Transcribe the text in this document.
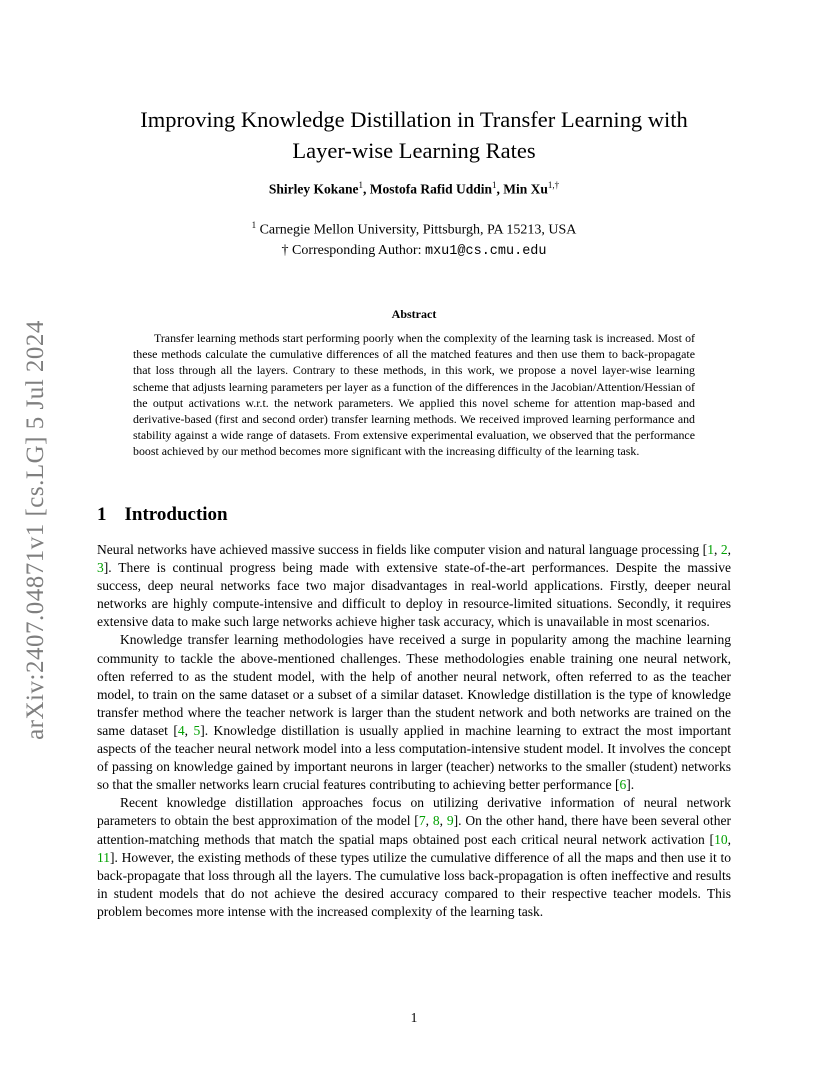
arXiv:2407.04871v1 [cs.LG] 5 Jul 2024
Improving Knowledge Distillation in Transfer Learning with
Layer-wise Learning Rates
Shirley Kokane$^1$, Mostofa Rafid Uddin$^1$, Min $Xu^{1,\dagger}$
$^1$ Carnegie Mellon University, Pittsburgh, PA 15213, USA
† Corresponding Author: mxu1@cs.cmu.edu
Abstract
Transfer learning methods start performing poorly when the complexity of the learning task is increased. Most of these methods calculate the cumulative differences of all the matched features and then use them to back-propagate that loss through all the layers. Contrary to these methods, in this work, we propose a novel layer-wise learning scheme that adjusts learning parameters per layer as a function of the differences in the Jacobian/Attention/Hessian of the output activations w.r.t. the network parameters. We applied this novel scheme for attention map-based and derivative-based (first and second order) transfer learning methods. We received improved learning performance and stability against a wide range of datasets. From extensive experimental evaluation, we observed that the performance boost achieved by our method becomes more significant with the increasing difficulty of the learning task.
1 Introduction

Neural networks have achieved massive success in fields like computer vision and natural language processing [1, 2, 3]. There is continual progress being made with extensive state-of-the-art performances. Despite the massive success, deep neural networks face two major disadvantages in real-world applications. Firstly, deeper neural networks are highly compute-intensive and difficult to deploy in resource-limited situations. Secondly, it requires extensive data to make such large networks achieve higher task accuracy, which is unavailable in most scenarios.

Knowledge transfer learning methodologies have received a surge in popularity among the machine learning community to tackle the above-mentioned challenges. These methodologies enable training one neural network, often referred to as the student model, with the help of another neural network, often referred to as the teacher model, to train on the same dataset or a subset of a similar dataset. Knowledge distillation is the type of knowledge transfer method where the teacher network is larger than the student network and both networks are trained on the same dataset [4, 5]. Knowledge distillation is usually applied in machine learning to extract the most important aspects of the teacher neural network model into a less computation-intensive student model. It involves the concept of passing on knowledge gained by important neurons in larger (teacher) networks to the smaller (student) networks so that the smaller networks learn crucial features contributing to achieving better performance [6].

Recent knowledge distillation approaches focus on utilizing derivative information of neural network parameters to obtain the best approximation of the model [7, 8, 9]. On the other hand, there have been several other attention-matching methods that match the spatial maps obtained post each critical neural network activation [10, 11]. However, the existing methods of these types utilize the cumulative difference of all the maps and then use it to back-propagate that loss through all the layers. The cumulative loss back-propagation is often ineffective and results in student models that do not achieve the desired accuracy compared to their respective teacher models. This problem becomes more intense with the increased complexity of the learning task.

1
